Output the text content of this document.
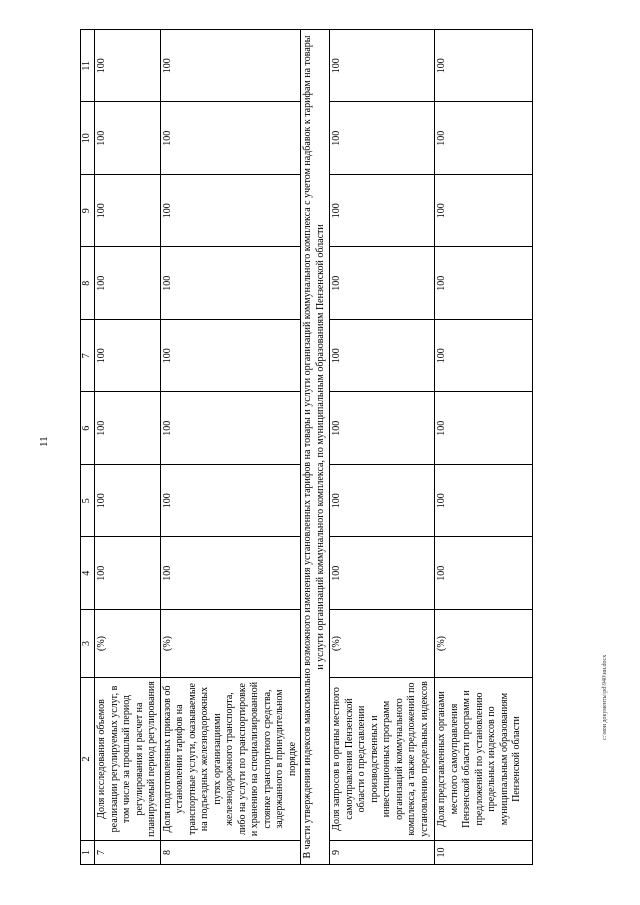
11
1	2	3	4	5	6	7	8	9	10	11
7	Доля исследования объемов реализации регулируемых услуг, в том числе за прошлый период регулирования и расчет на планируемый период регулирования	(%)	100	100	100	100	100	100	100	100
8	Доля подготовленных приказов об установлении тарифов на транспортные услуги, оказываемые на подъездных железнодорожных путях организациями железнодорожного транспорта, либо на услуги по транспортировке и хранению на специализированной стоянке транспортного средства, задержанного в принудительном порядке	(%)	100	100	100	100	100	100	100	100
В части утверждения индексов максимально возможного изменения установленных тарифов на товары и услуги организаций коммунального комплекса с учетом надбавок к тарифам на товары и услуги организаций коммунального комплекса, по муниципальным образованиям Пензенской области										
9	Доля запросов в органы местного самоуправления Пензенской области о представлении производственных и инвестиционных программ организаций коммунального комплекса, а также предложений по установлению предельных индексов	(%)	100	100	100	100	100	100	100	100
10	Доля представленных органами местного самоуправления Пензенской области программ и предложений по установлению предельных индексов по муниципальным образованиям Пензенской области	(%)	100	100	100	100	100	100	100	100
c:\мои документы\pd\940\ни.docx
